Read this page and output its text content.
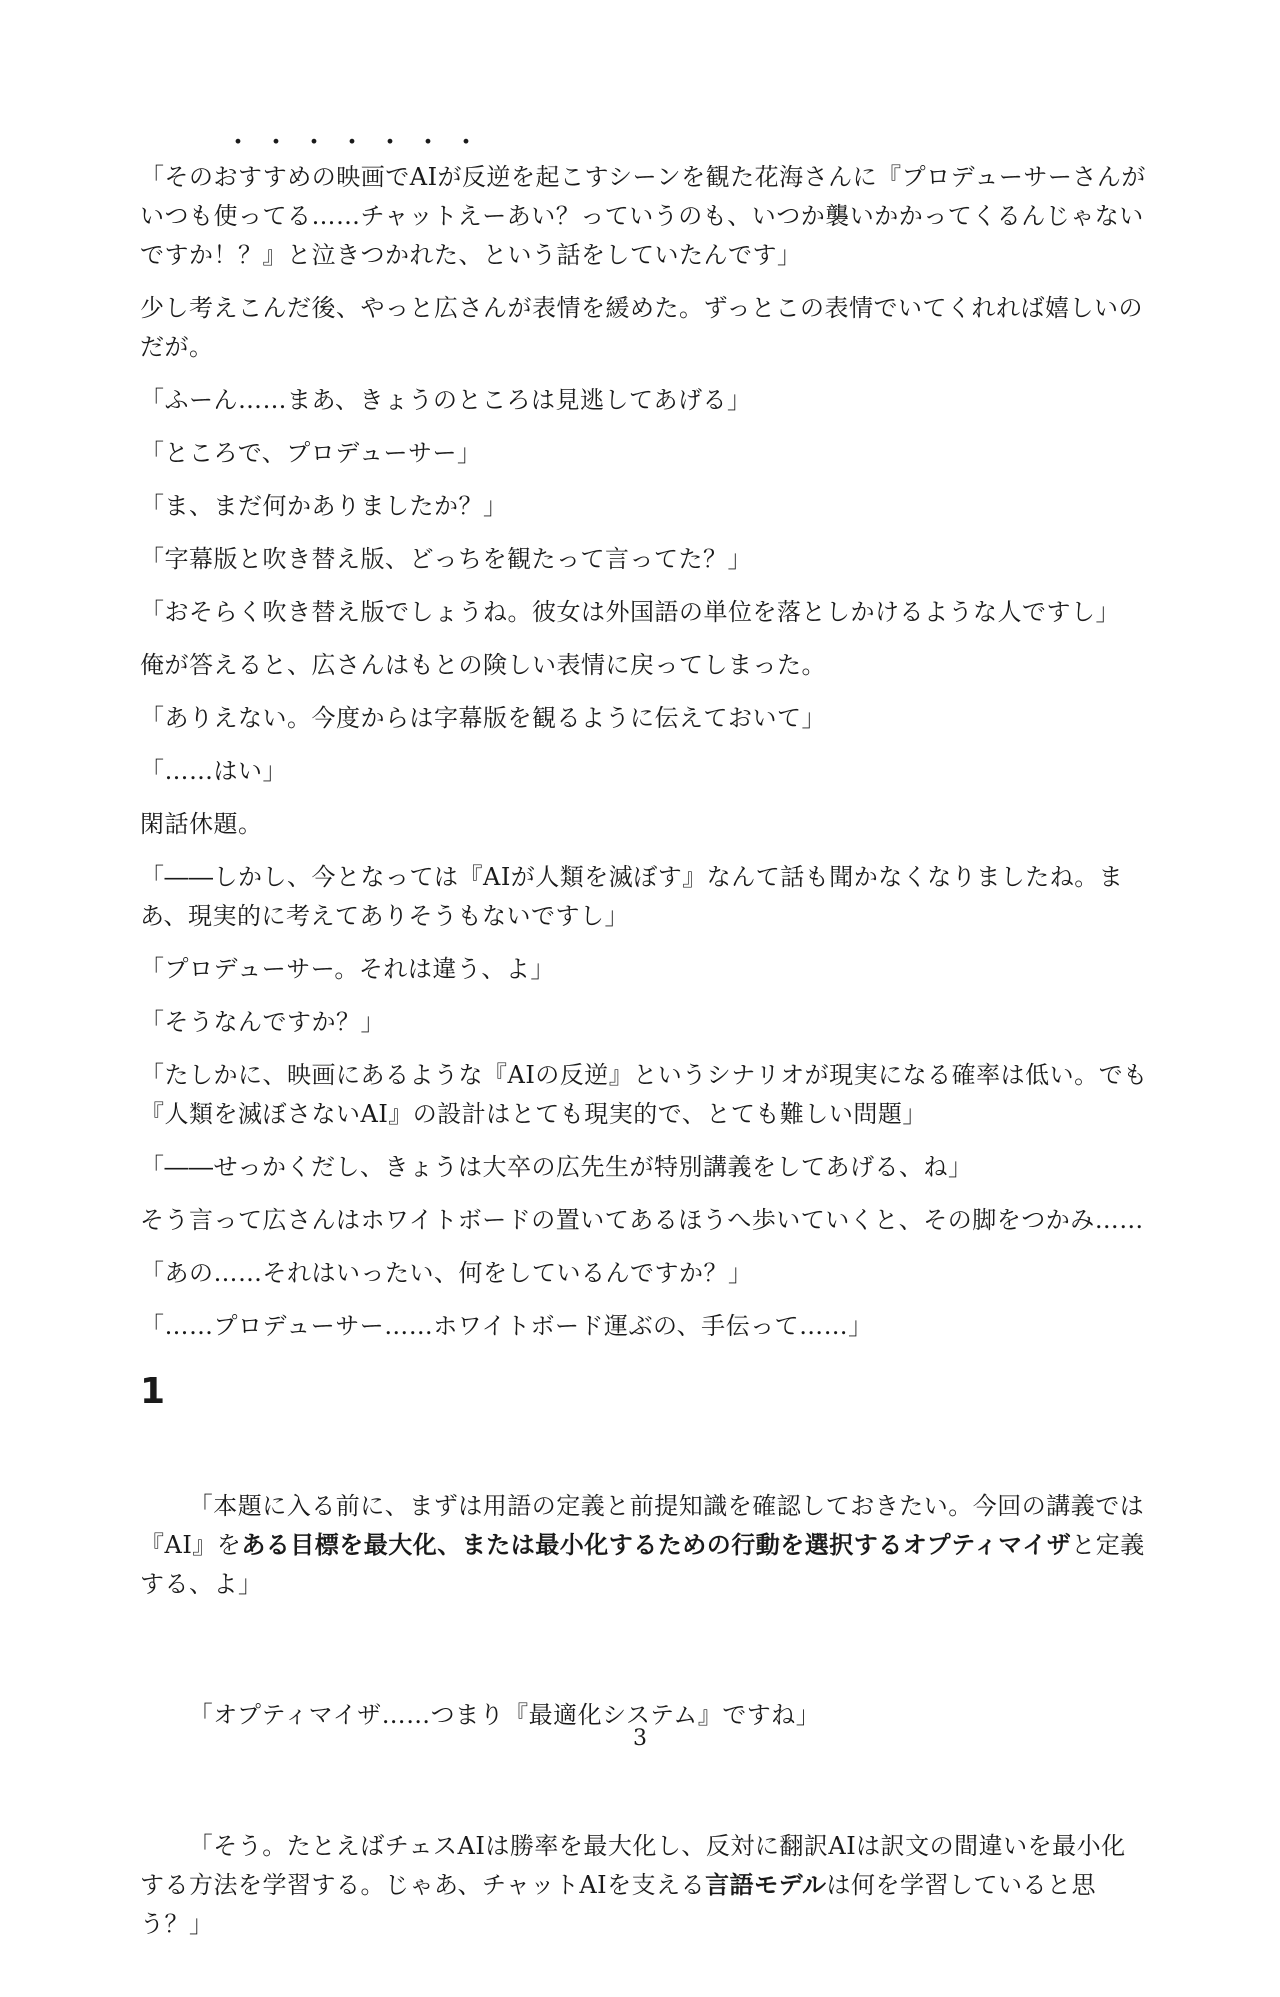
・・・・・・・

「そのおすすめの映画でAIが反逆を起こすシーンを観た花海さんに『プロデューサーさんがいつも使ってる……チャットえーあい？っていうのも、いつか襲いかかってくるんじゃないですか！？』と泣きつかれた、という話をしていたんです」

少し考えこんだ後、やっと広さんが表情を緩めた。ずっとこの表情でいてくれれば嬉しいのだが。

「ふーん……まあ、きょうのところは見逃してあげる」

「ところで、プロデューサー」

「ま、まだ何かありましたか？」

「字幕版と吹き替え版、どっちを観たって言ってた？」

「おそらく吹き替え版でしょうね。彼女は外国語の単位を落としかけるような人ですし」

俺が答えると、広さんはもとの険しい表情に戻ってしまった。

「ありえない。今度からは字幕版を観るように伝えておいて」

「……はい」

閑話休題。

「――しかし、今となっては『AIが人類を滅ぼす』なんて話も聞かなくなりましたね。まあ、現実的に考えてありそうもないですし」

「プロデューサー。それは違う、よ」

「そうなんですか？」

「たしかに、映画にあるような『AIの反逆』というシナリオが現実になる確率は低い。でも『人類を滅ぼさないAI』の設計はとても現実的で、とても難しい問題」

「――せっかくだし、きょうは大卒の広先生が特別講義をしてあげる、ね」

そう言って広さんはホワイトボードの置いてあるほうへ歩いていくと、その脚をつかみ……

「あの……それはいったい、何をしているんですか？」

「……プロデューサー……ホワイトボード運ぶの、手伝って……」

1

「本題に入る前に、まずは用語の定義と前提知識を確認しておきたい。今回の講義では『AI』をある目標を最大化、または最小化するための行動を選択するオプティマイザと定義する、よ」

「オプティマイザ……つまり『最適化システム』ですね」

「そう。たとえばチェスAIは勝率を最大化し、反対に翻訳AIは訳文の間違いを最小化する方法を学習する。じゃあ、チャットAIを支える言語モデルは何を学習していると思う？」

3
